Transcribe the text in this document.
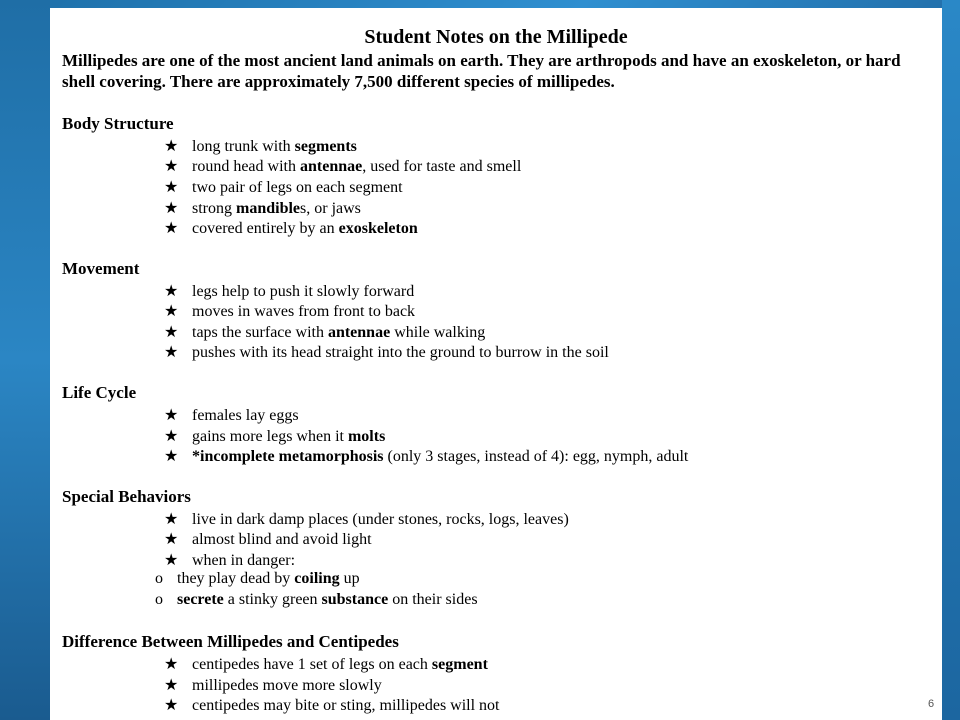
Student Notes on the Millipede
Millipedes are one of the most ancient land animals on earth. They are arthropods and have an exoskeleton, or hard shell covering. There are approximately 7,500 different species of millipedes.
Body Structure
★ long trunk with segments
★ round head with antennae, used for taste and smell
★ two pair of legs on each segment
★ strong mandibles, or jaws
★ covered entirely by an exoskeleton
Movement
★ legs help to push it slowly forward
★ moves in waves from front to back
★ taps the surface with antennae while walking
★ pushes with its head straight into the ground to burrow in the soil
Life Cycle
★ females lay eggs
★ gains more legs when it molts
★ *incomplete metamorphosis (only 3 stages, instead of 4): egg, nymph, adult
Special Behaviors
★ live in dark damp places (under stones, rocks, logs, leaves)
★ almost blind and avoid light
★ when in danger:
o they play dead by coiling up
o secrete a stinky green substance on their sides
Difference Between Millipedes and Centipedes
★ centipedes have 1 set of legs on each segment
★ millipedes move more slowly
★ centipedes may bite or sting, millipedes will not	6
